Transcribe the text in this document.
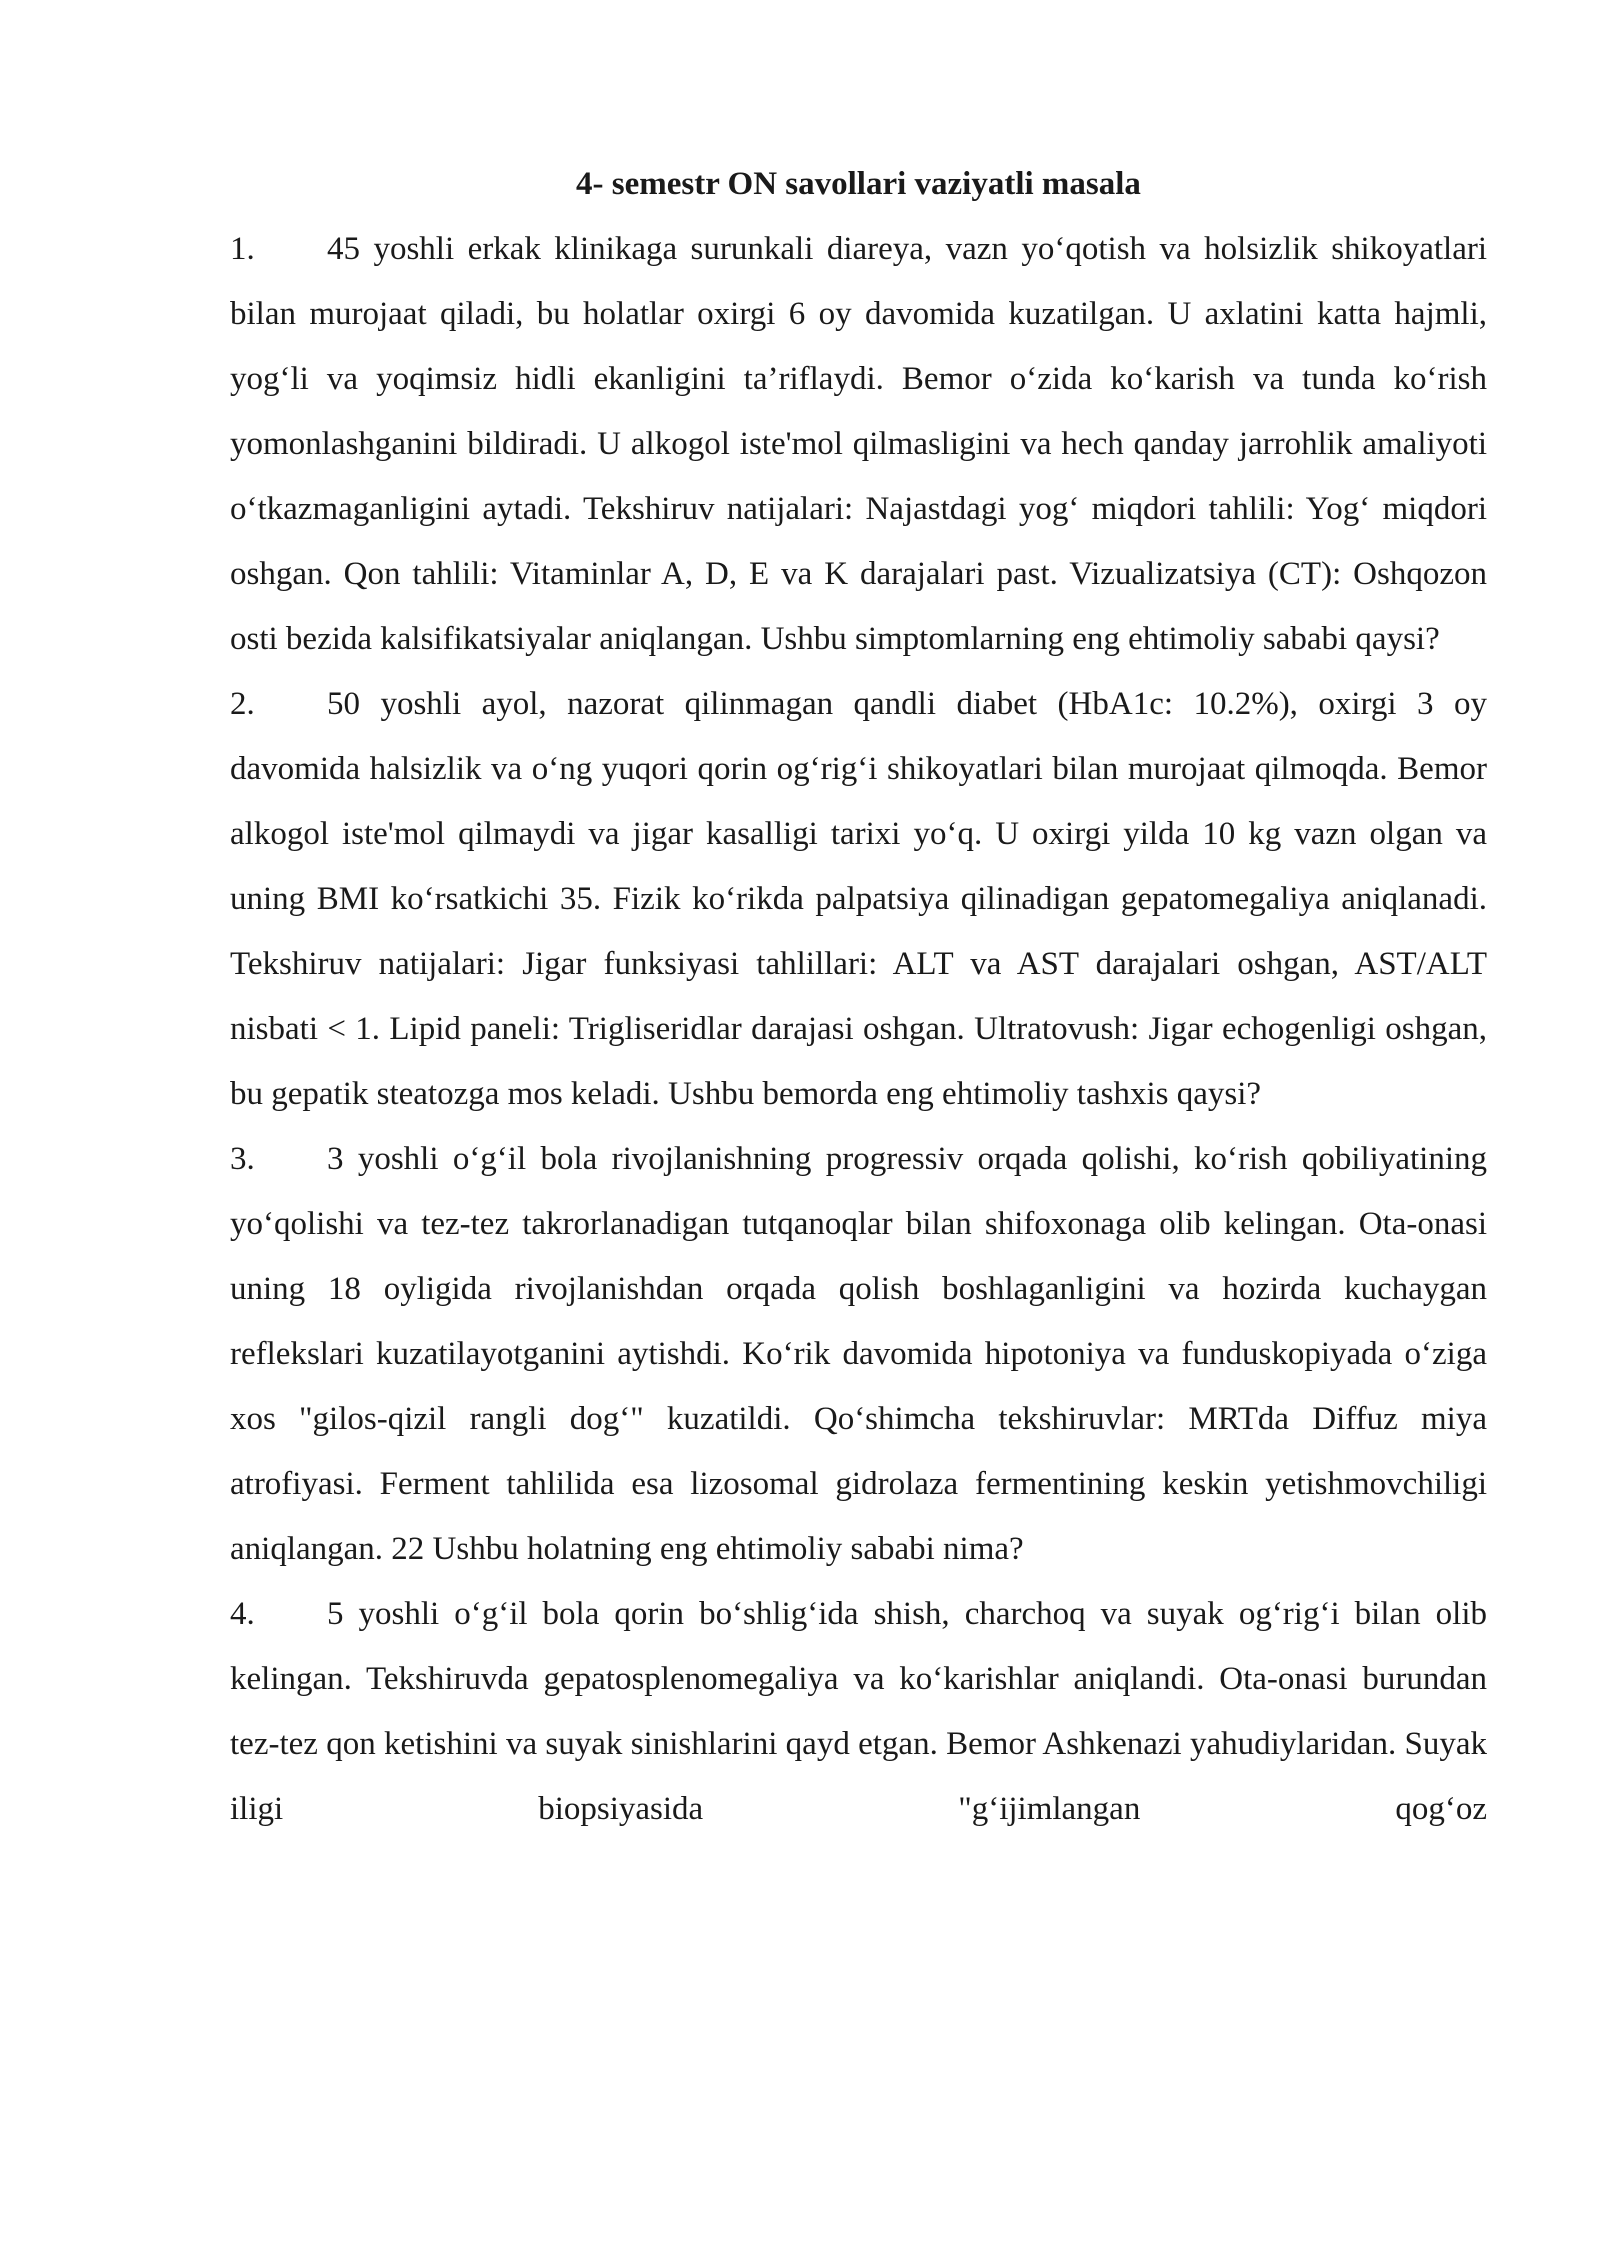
4- semestr ON savollari vaziyatli masala

1. 45 yoshli erkak klinikaga surunkali diareya, vazn yo‘qotish va holsizlik shikoyatlari bilan murojaat qiladi, bu holatlar oxirgi 6 oy davomida kuzatilgan. U axlatini katta hajmli, yog‘li va yoqimsiz hidli ekanligini ta’riflaydi. Bemor o‘zida ko‘karish va tunda ko‘rish yomonlashganini bildiradi. U alkogol iste'mol qilmasligini va hech qanday jarrohlik amaliyoti o‘tkazmaganligini aytadi. Tekshiruv natijalari: Najastdagi yog‘ miqdori tahlili: Yog‘ miqdori oshgan. Qon tahlili: Vitaminlar A, D, E va K darajalari past. Vizualizatsiya (CT): Oshqozon osti bezida kalsifikatsiyalar aniqlangan. Ushbu simptomlarning eng ehtimoliy sababi qaysi?

2. 50 yoshli ayol, nazorat qilinmagan qandli diabet (HbA1c: 10.2%), oxirgi 3 oy davomida halsizlik va o‘ng yuqori qorin og‘rig‘i shikoyatlari bilan murojaat qilmoqda. Bemor alkogol iste'mol qilmaydi va jigar kasalligi tarixi yo‘q. U oxirgi yilda 10 kg vazn olgan va uning BMI ko‘rsatkichi 35. Fizik ko‘rikda palpatsiya qilinadigan gepatomegaliya aniqlanadi. Tekshiruv natijalari: Jigar funksiyasi tahlillari: ALT va AST darajalari oshgan, AST/ALT nisbati < 1. Lipid paneli: Trigliseridlar darajasi oshgan. Ultratovush: Jigar echogenligi oshgan, bu gepatik steatozga mos keladi. Ushbu bemorda eng ehtimoliy tashxis qaysi?

3. 3 yoshli o‘g‘il bola rivojlanishning progressiv orqada qolishi, ko‘rish qobiliyatining yo‘qolishi va tez-tez takrorlanadigan tutqanoqlar bilan shifoxonaga olib kelingan. Ota-onasi uning 18 oyligida rivojlanishdan orqada qolish boshlaganligini va hozirda kuchaygan reflekslari kuzatilayotganini aytishdi. Ko‘rik davomida hipotoniya va funduskopiyada o‘ziga xos "gilos-qizil rangli dog‘" kuzatildi. Qo‘shimcha tekshiruvlar: MRTda Diffuz miya atrofiyasi. Ferment tahlilida esa lizosomal gidrolaza fermentining keskin yetishmovchiligi aniqlangan. 22 Ushbu holatning eng ehtimoliy sababi nima?

4. 5 yoshli o‘g‘il bola qorin bo‘shlig‘ida shish, charchoq va suyak og‘rig‘i bilan olib kelingan. Tekshiruvda gepatosplenomegaliya va ko‘karishlar aniqlandi. Ota-onasi burundan tez-tez qon ketishini va suyak sinishlarini qayd etgan. Bemor Ashkenazi yahudiylaridan. Suyak iligi biopsiyasida "g‘ijimlangan qog‘oz
